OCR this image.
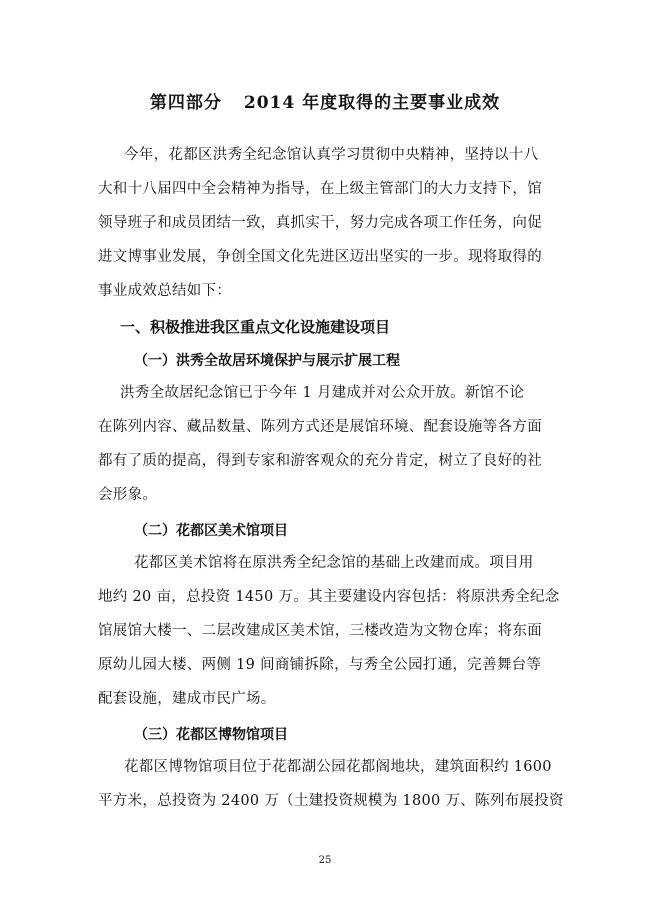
第四部分 2014 年度取得的主要事业成效
今年，花都区洪秀全纪念馆认真学习贯彻中央精神，坚持以十八
大和十八届四中全会精神为指导，在上级主管部门的大力支持下，馆
领导班子和成员团结一致，真抓实干，努力完成各项工作任务，向促
进文博事业发展，争创全国文化先进区迈出坚实的一步。现将取得的
事业成效总结如下：
一、积极推进我区重点文化设施建设项目
（一）洪秀全故居环境保护与展示扩展工程
洪秀全故居纪念馆已于今年 1 月建成并对公众开放。新馆不论
在陈列内容、藏品数量、陈列方式还是展馆环境、配套设施等各方面
都有了质的提高，得到专家和游客观众的充分肯定，树立了良好的社
会形象。
（二）花都区美术馆项目
花都区美术馆将在原洪秀全纪念馆的基础上改建而成。项目用
地约 20 亩，总投资 1450 万。其主要建设内容包括：将原洪秀全纪念
馆展馆大楼一、二层改建成区美术馆，三楼改造为文物仓库；将东面
原幼儿园大楼、两侧 19 间商铺拆除，与秀全公园打通，完善舞台等
配套设施，建成市民广场。
（三）花都区博物馆项目
花都区博物馆项目位于花都湖公园花都阁地块，建筑面积约 1600
平方米，总投资为 2400 万（土建投资规模为 1800 万、陈列布展投资
25
